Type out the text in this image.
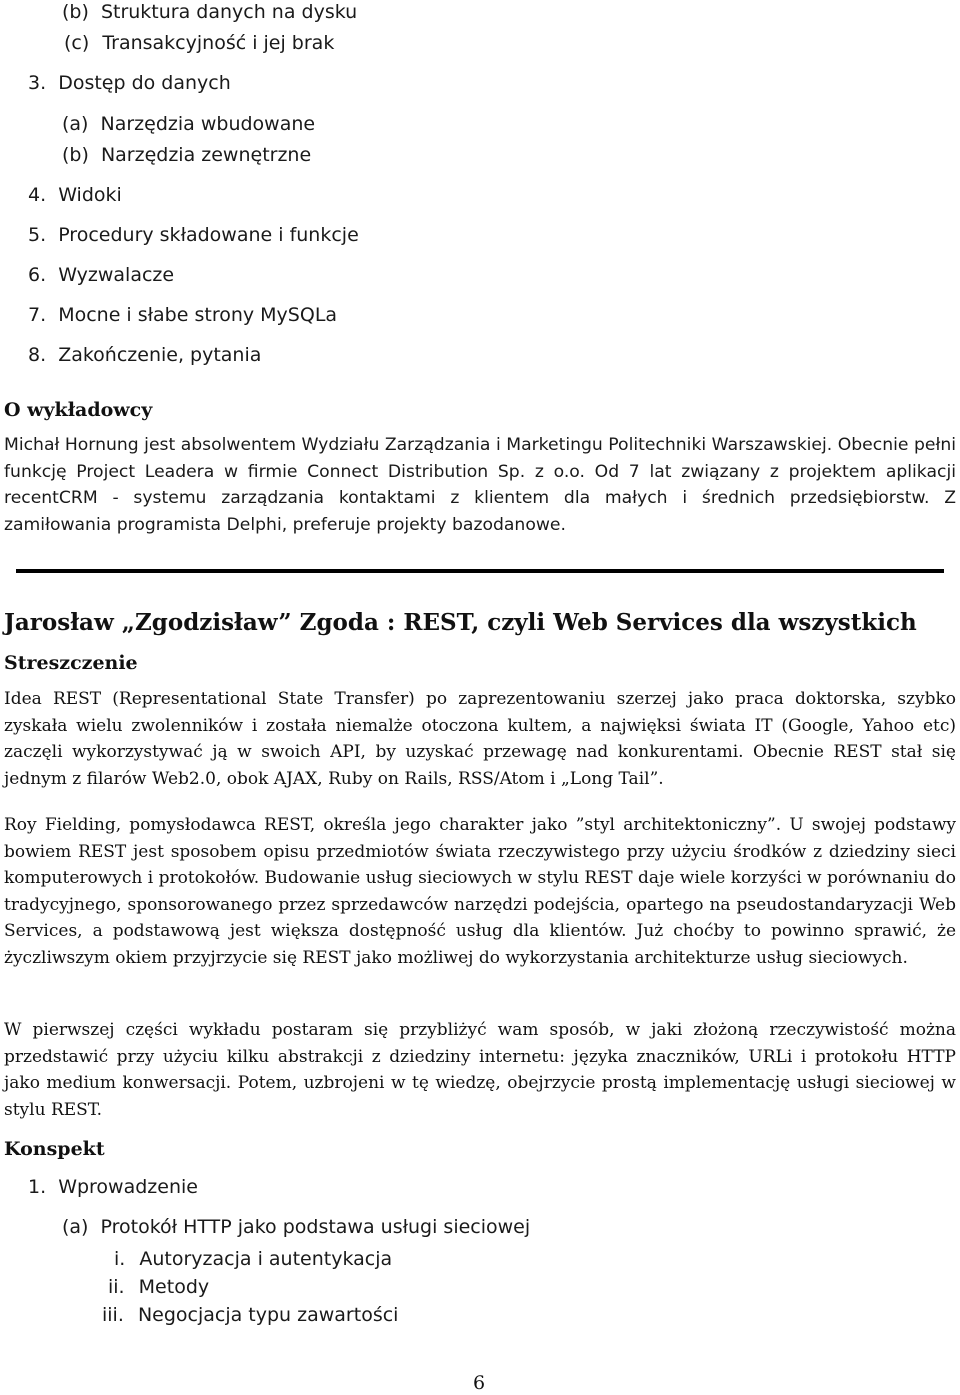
(b) Struktura danych na dysku
(c) Transakcyjność i jej brak
3. Dostęp do danych
(a) Narzędzia wbudowane
(b) Narzędzia zewnętrzne
4. Widoki
5. Procedury składowane i funkcje
6. Wyzwalacze
7. Mocne i słabe strony MySQLa
8. Zakończenie, pytania
O wykładowcy
Michał Hornung jest absolwentem Wydziału Zarządzania i Marketingu Politechniki Warszawskiej. Obecnie pełni funkcję Project Leadera w firmie Connect Distribution Sp. z o.o. Od 7 lat związany z projektem aplikacji recentCRM - systemu zarządzania kontaktami z klientem dla małych i średnich przedsiębiorstw. Z zamiłowania programista Delphi, preferuje projekty bazodanowe.
Jarosław „Zgodzisław” Zgoda : REST, czyli Web Services dla wszystkich
Streszczenie
Idea REST (Representational State Transfer) po zaprezentowaniu szerzej jako praca doktorska, szybko zyskała wielu zwolenników i została niemalże otoczona kultem, a najwięksi świata IT (Google, Yahoo etc) zaczęli wykorzystywać ją w swoich API, by uzyskać przewagę nad konkurentami. Obecnie REST stał się jednym z filarów Web2.0, obok AJAX, Ruby on Rails, RSS/Atom i „Long Tail”.
Roy Fielding, pomysłodawca REST, określa jego charakter jako ”styl architektoniczny”. U swojej podstawy bowiem REST jest sposobem opisu przedmiotów świata rzeczywistego przy użyciu środków z dziedziny sieci komputerowych i protokołów. Budowanie usług sieciowych w stylu REST daje wiele korzyści w porównaniu do tradycyjnego, sponsorowanego przez sprzedawców narzędzi podejścia, opartego na pseudostandaryzacji Web Services, a podstawową jest większa dostępność usług dla klientów. Już choćby to powinno sprawić, że życzliwszym okiem przyjrzycie się REST jako możliwej do wykorzystania architekturze usług sieciowych.
W pierwszej części wykładu postaram się przybliżyć wam sposób, w jaki złożoną rzeczywistość można przedstawić przy użyciu kilku abstrakcji z dziedziny internetu: języka znaczników, URLi i protokołu HTTP jako medium konwersacji. Potem, uzbrojeni w tę wiedzę, obejrzycie prostą implementację usługi sieciowej w stylu REST.
Konspekt
1. Wprowadzenie
(a) Protokół HTTP jako podstawa usługi sieciowej
i. Autoryzacja i autentykacja
ii. Metody
iii. Negocjacja typu zawartości
6
